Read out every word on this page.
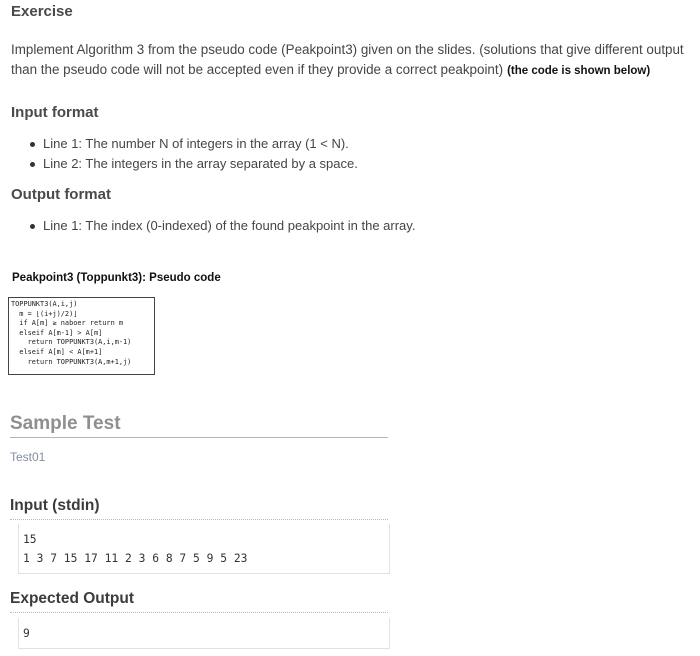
Exercise

Implement Algorithm 3 from the pseudo code (Peakpoint3) given on the slides. (solutions that give different output than the pseudo code will not be accepted even if they provide a correct peakpoint) (the code is shown below)

Input format
Line 1: The number N of integers in the array (1 < N).
Line 2: The integers in the array separated by a space.
Output format
Line 1: The index (0-indexed) of the found peakpoint in the array.

Peakpoint3 (Toppunkt3): Pseudo code

TOPPUNKT3(A,i,j)
m = ⌊(i+j)/2)⌋
if A[m] ≥ naboer return m
elseif A[m-1] > A[m]
return TOPPUNKT3(A,i,m-1)
elseif A[m] < A[m+1]
return TOPPUNKT3(A,m+1,j)
Sample Test
Test01
Input (stdin)
15
1 3 7 15 17 11 2 3 6 8 7 5 9 5 23
Expected Output
9
